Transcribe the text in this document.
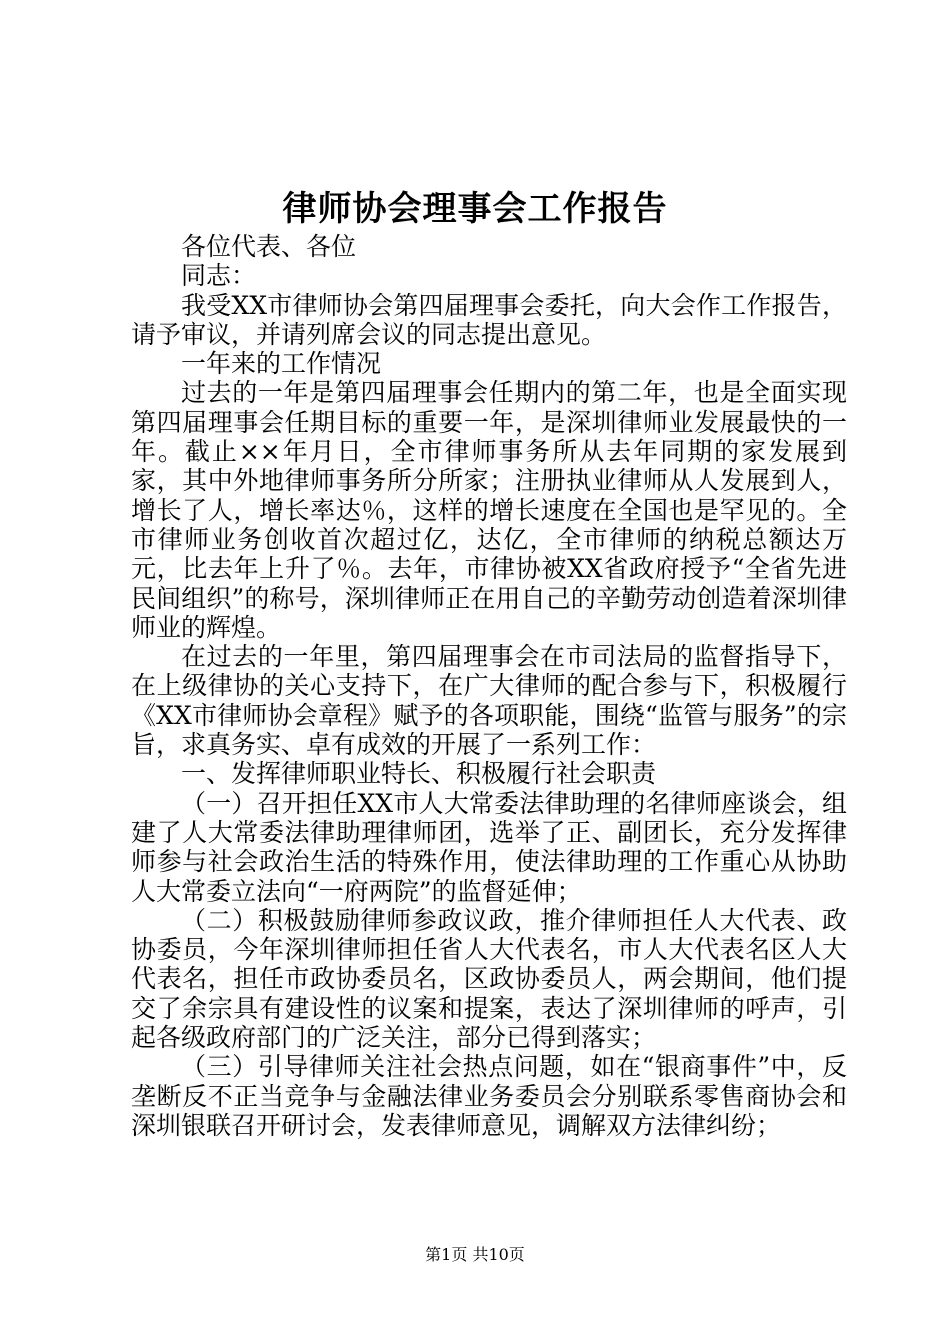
律师协会理事会工作报告

各位代表、各位

同志：

我受XX市律师协会第四届理事会委托，向大会作工作报告，请予审议，并请列席会议的同志提出意见。

一年来的工作情况

过去的一年是第四届理事会任期内的第二年，也是全面实现第四届理事会任期目标的重要一年，是深圳律师业发展最快的一年。截止××年月日，全市律师事务所从去年同期的家发展到家，其中外地律师事务所分所家；注册执业律师从人发展到人，增长了人，增长率达％，这样的增长速度在全国也是罕见的。全市律师业务创收首次超过亿，达亿，全市律师的纳税总额达万元，比去年上升了％。去年，市律协被XX省政府授予“全省先进民间组织”的称号，深圳律师正在用自己的辛勤劳动创造着深圳律师业的辉煌。

在过去的一年里，第四届理事会在市司法局的监督指导下，在上级律协的关心支持下，在广大律师的配合参与下，积极履行《XX市律师协会章程》赋予的各项职能，围绕“监管与服务”的宗旨，求真务实、卓有成效的开展了一系列工作：

一、发挥律师职业特长、积极履行社会职责

（一）召开担任XX市人大常委法律助理的名律师座谈会，组建了人大常委法律助理律师团，选举了正、副团长，充分发挥律师参与社会政治生活的特殊作用，使法律助理的工作重心从协助人大常委立法向“一府两院”的监督延伸；

（二）积极鼓励律师参政议政，推介律师担任人大代表、政协委员，今年深圳律师担任省人大代表名，市人大代表名区人大代表名，担任市政协委员名，区政协委员人，两会期间，他们提交了余宗具有建设性的议案和提案，表达了深圳律师的呼声，引起各级政府部门的广泛关注，部分已得到落实；

（三）引导律师关注社会热点问题，如在“银商事件”中，反垄断反不正当竞争与金融法律业务委员会分别联系零售商协会和深圳银联召开研讨会，发表律师意见，调解双方法律纠纷；

第1页 共10页
